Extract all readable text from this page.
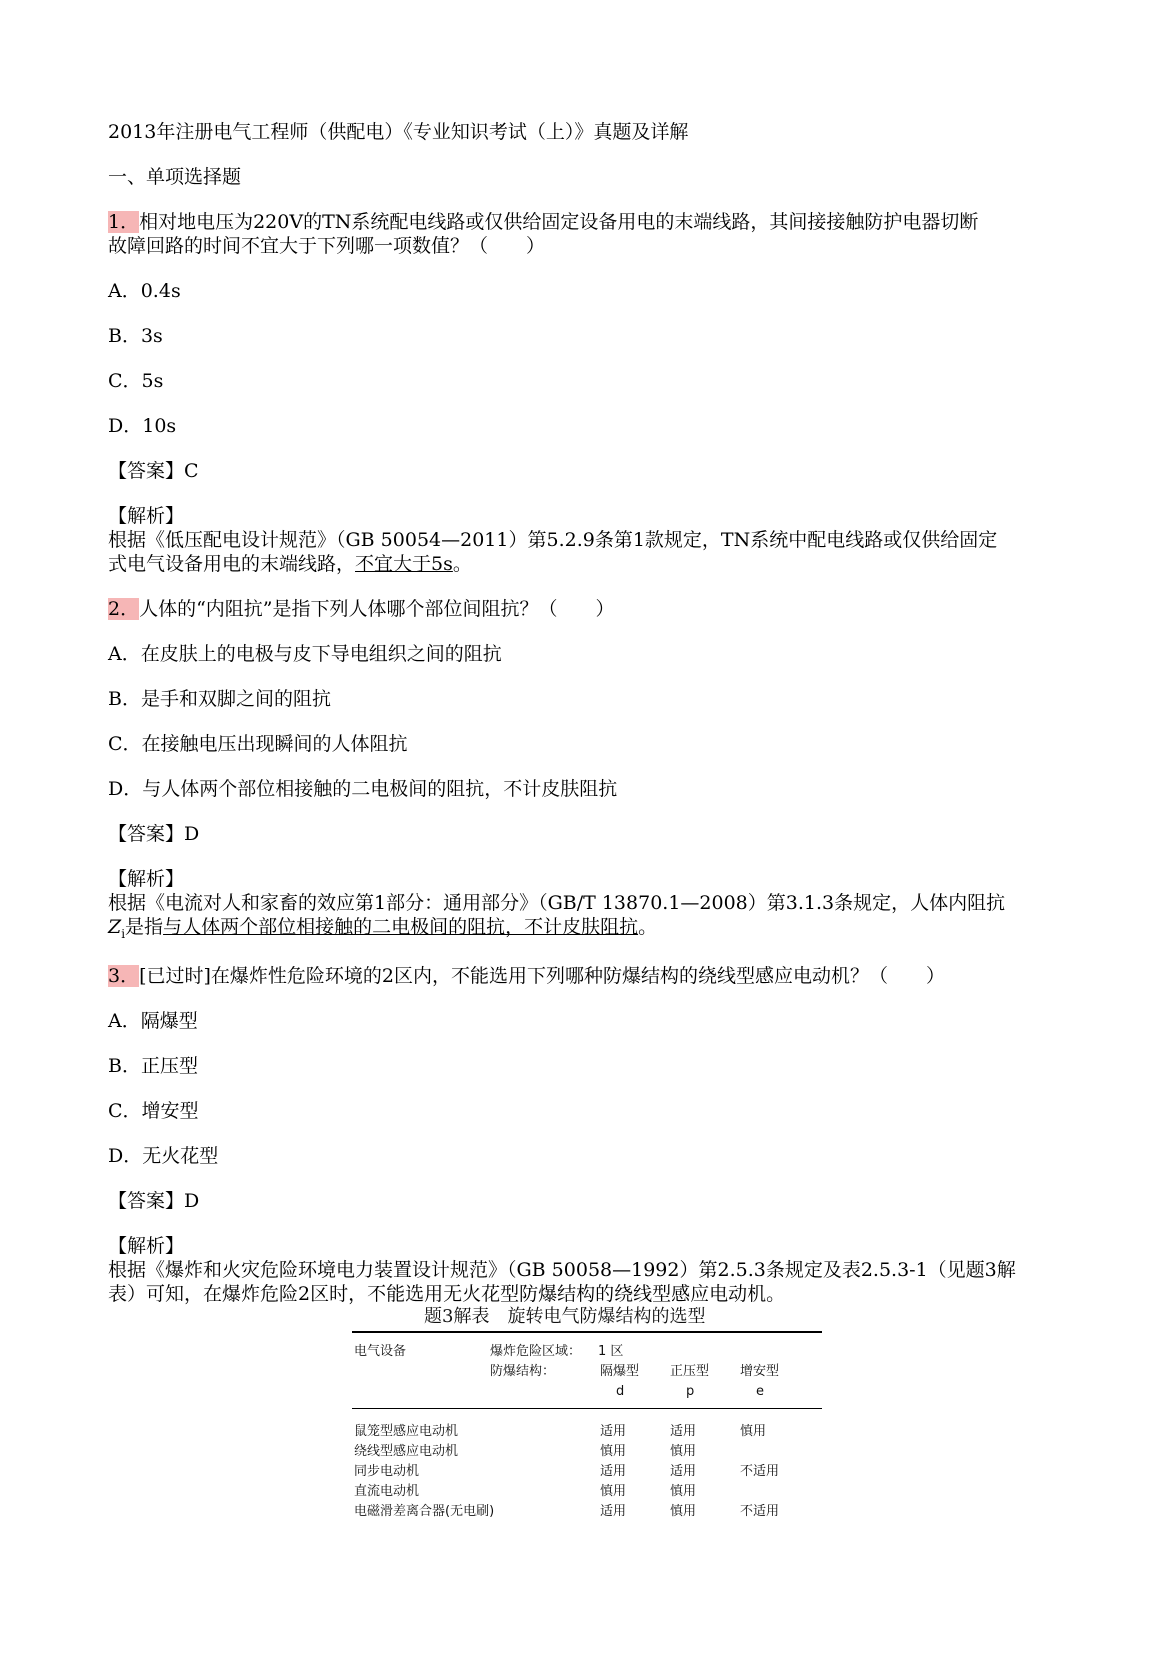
2013年注册电气工程师（供配电）《专业知识考试（上）》真题及详解
一、单项选择题
1．相对地电压为220V的TN系统配电线路或仅供给固定设备用电的末端线路，其间接接触防护电器切断
故障回路的时间不宜大于下列哪一项数值？（　　）
A．0.4s
B．3s
C．5s
D．10s
【答案】C
【解析】
根据《低压配电设计规范》（GB 50054—2011）第5.2.9条第1款规定，TN系统中配电线路或仅供给固定
式电气设备用电的末端线路，不宜大于5s。
2．人体的“内阻抗”是指下列人体哪个部位间阻抗？（　　）
A．在皮肤上的电极与皮下导电组织之间的阻抗
B．是手和双脚之间的阻抗
C．在接触电压出现瞬间的人体阻抗
D．与人体两个部位相接触的二电极间的阻抗，不计皮肤阻抗
【答案】D
【解析】
根据《电流对人和家畜的效应第1部分：通用部分》（GB/T 13870.1—2008）第3.1.3条规定，人体内阻抗
$Z_i$是指与人体两个部位相接触的二电极间的阻抗，不计皮肤阻抗。
3．[已过时]在爆炸性危险环境的2区内，不能选用下列哪种防爆结构的绕线型感应电动机？（　　）
A．隔爆型
B．正压型
C．增安型
D．无火花型
【答案】D
【解析】
根据《爆炸和火灾危险环境电力装置设计规范》（GB 50058—1992）第2.5.3条规定及表2.5.3-1（见题3解
表）可知，在爆炸危险2区时，不能选用无火花型防爆结构的绕线型感应电动机。
题3解表　旋转电气防爆结构的选型
电气设备	爆炸危险区域： 1 区
防爆结构：	隔爆型 正压型 增安型
d	p	e
鼠笼型感应电动机	适用	适用	慎用
绕线型感应电动机	慎用	慎用
同步电动机	适用	适用	不适用
直流电动机	慎用	慎用
电磁滑差离合器(无电刷)	适用	慎用	不适用
